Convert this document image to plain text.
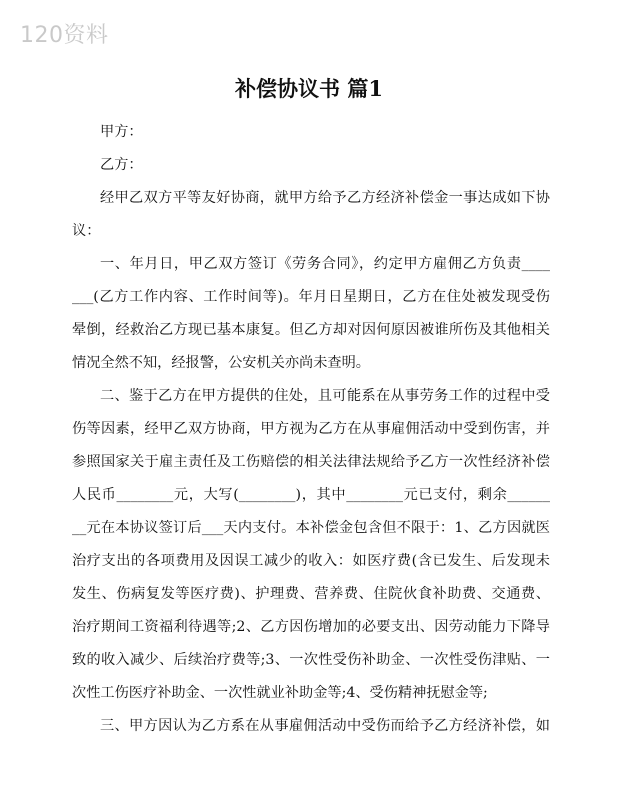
120资料
补偿协议书 篇1
甲方：
乙方：
经甲乙双方平等友好协商，就甲方给予乙方经济补偿金一事达成如下协
议：
一、年月日，甲乙双方签订《劳务合同》，约定甲方雇佣乙方负责____
___(乙方工作内容、工作时间等)。年月日星期日，乙方在住处被发现受伤
晕倒，经救治乙方现已基本康复。但乙方却对因何原因被谁所伤及其他相关
情况全然不知，经报警，公安机关亦尚未查明。
二、鉴于乙方在甲方提供的住处，且可能系在从事劳务工作的过程中受
伤等因素，经甲乙双方协商，甲方视为乙方在从事雇佣活动中受到伤害，并
参照国家关于雇主责任及工伤赔偿的相关法律法规给予乙方一次性经济补偿
人民币________元，大写(________)，其中________元已支付，剩余______
__元在本协议签订后___天内支付。本补偿金包含但不限于：1、乙方因就医
治疗支出的各项费用及因误工减少的收入：如医疗费(含已发生、后发现未
发生、伤病复发等医疗费)、护理费、营养费、住院伙食补助费、交通费、
治疗期间工资福利待遇等;2、乙方因伤增加的必要支出、因劳动能力下降导
致的收入减少、后续治疗费等;3、一次性受伤补助金、一次性受伤津贴、一
次性工伤医疗补助金、一次性就业补助金等;4、受伤精神抚慰金等;
三、甲方因认为乙方系在从事雇佣活动中受伤而给予乙方经济补偿，如
